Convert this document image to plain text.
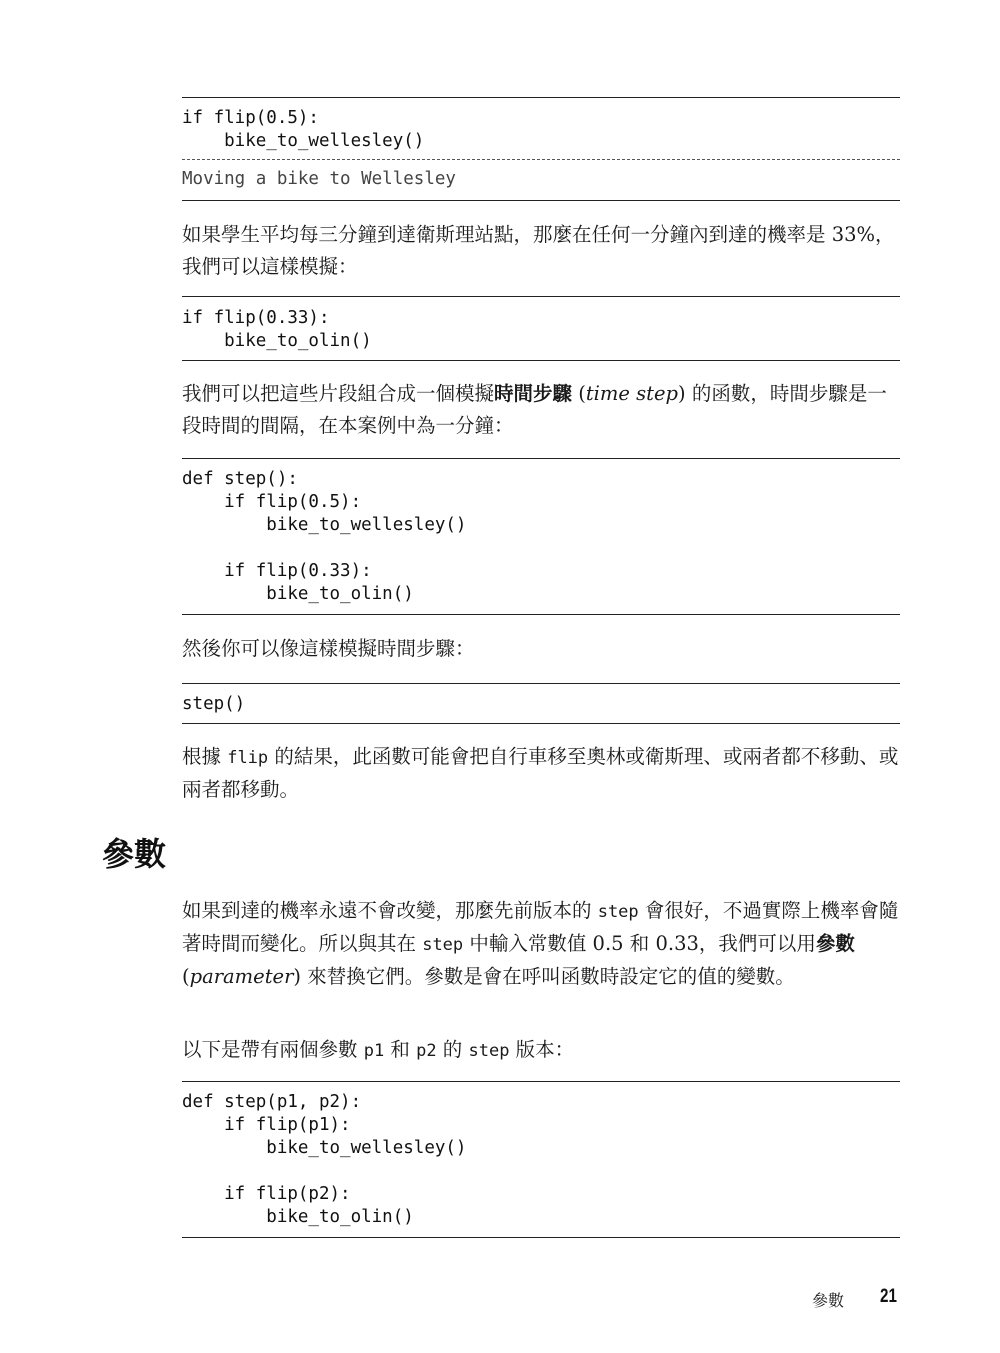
if flip(0.5):
bike_to_wellesley()
Moving a bike to Wellesley

如果學生平均每三分鐘到達衛斯理站點，那麼在任何一分鐘內到達的機率是 33%，我們可以這樣模擬：

if flip(0.33):
bike_to_olin()

我們可以把這些片段組合成一個模擬時間步驟 (time step) 的函數，時間步驟是一段時間的間隔，在本案例中為一分鐘：

def step():
if flip(0.5):
bike_to_wellesley()

if flip(0.33):
bike_to_olin()

然後你可以像這樣模擬時間步驟：

step()

根據 flip 的結果，此函數可能會把自行車移至奧林或衛斯理、或兩者都不移動、或兩者都移動。

參數

如果到達的機率永遠不會改變，那麼先前版本的 step 會很好，不過實際上機率會隨著時間而變化。所以與其在 step 中輸入常數值 0.5 和 0.33，我們可以用參數 (parameter) 來替換它們。參數是會在呼叫函數時設定它的值的變數。

以下是帶有兩個參數 p1 和 p2 的 step 版本：

def step(p1, p2):
if flip(p1):
bike_to_wellesley()

if flip(p2):
bike_to_olin()
參數 21
